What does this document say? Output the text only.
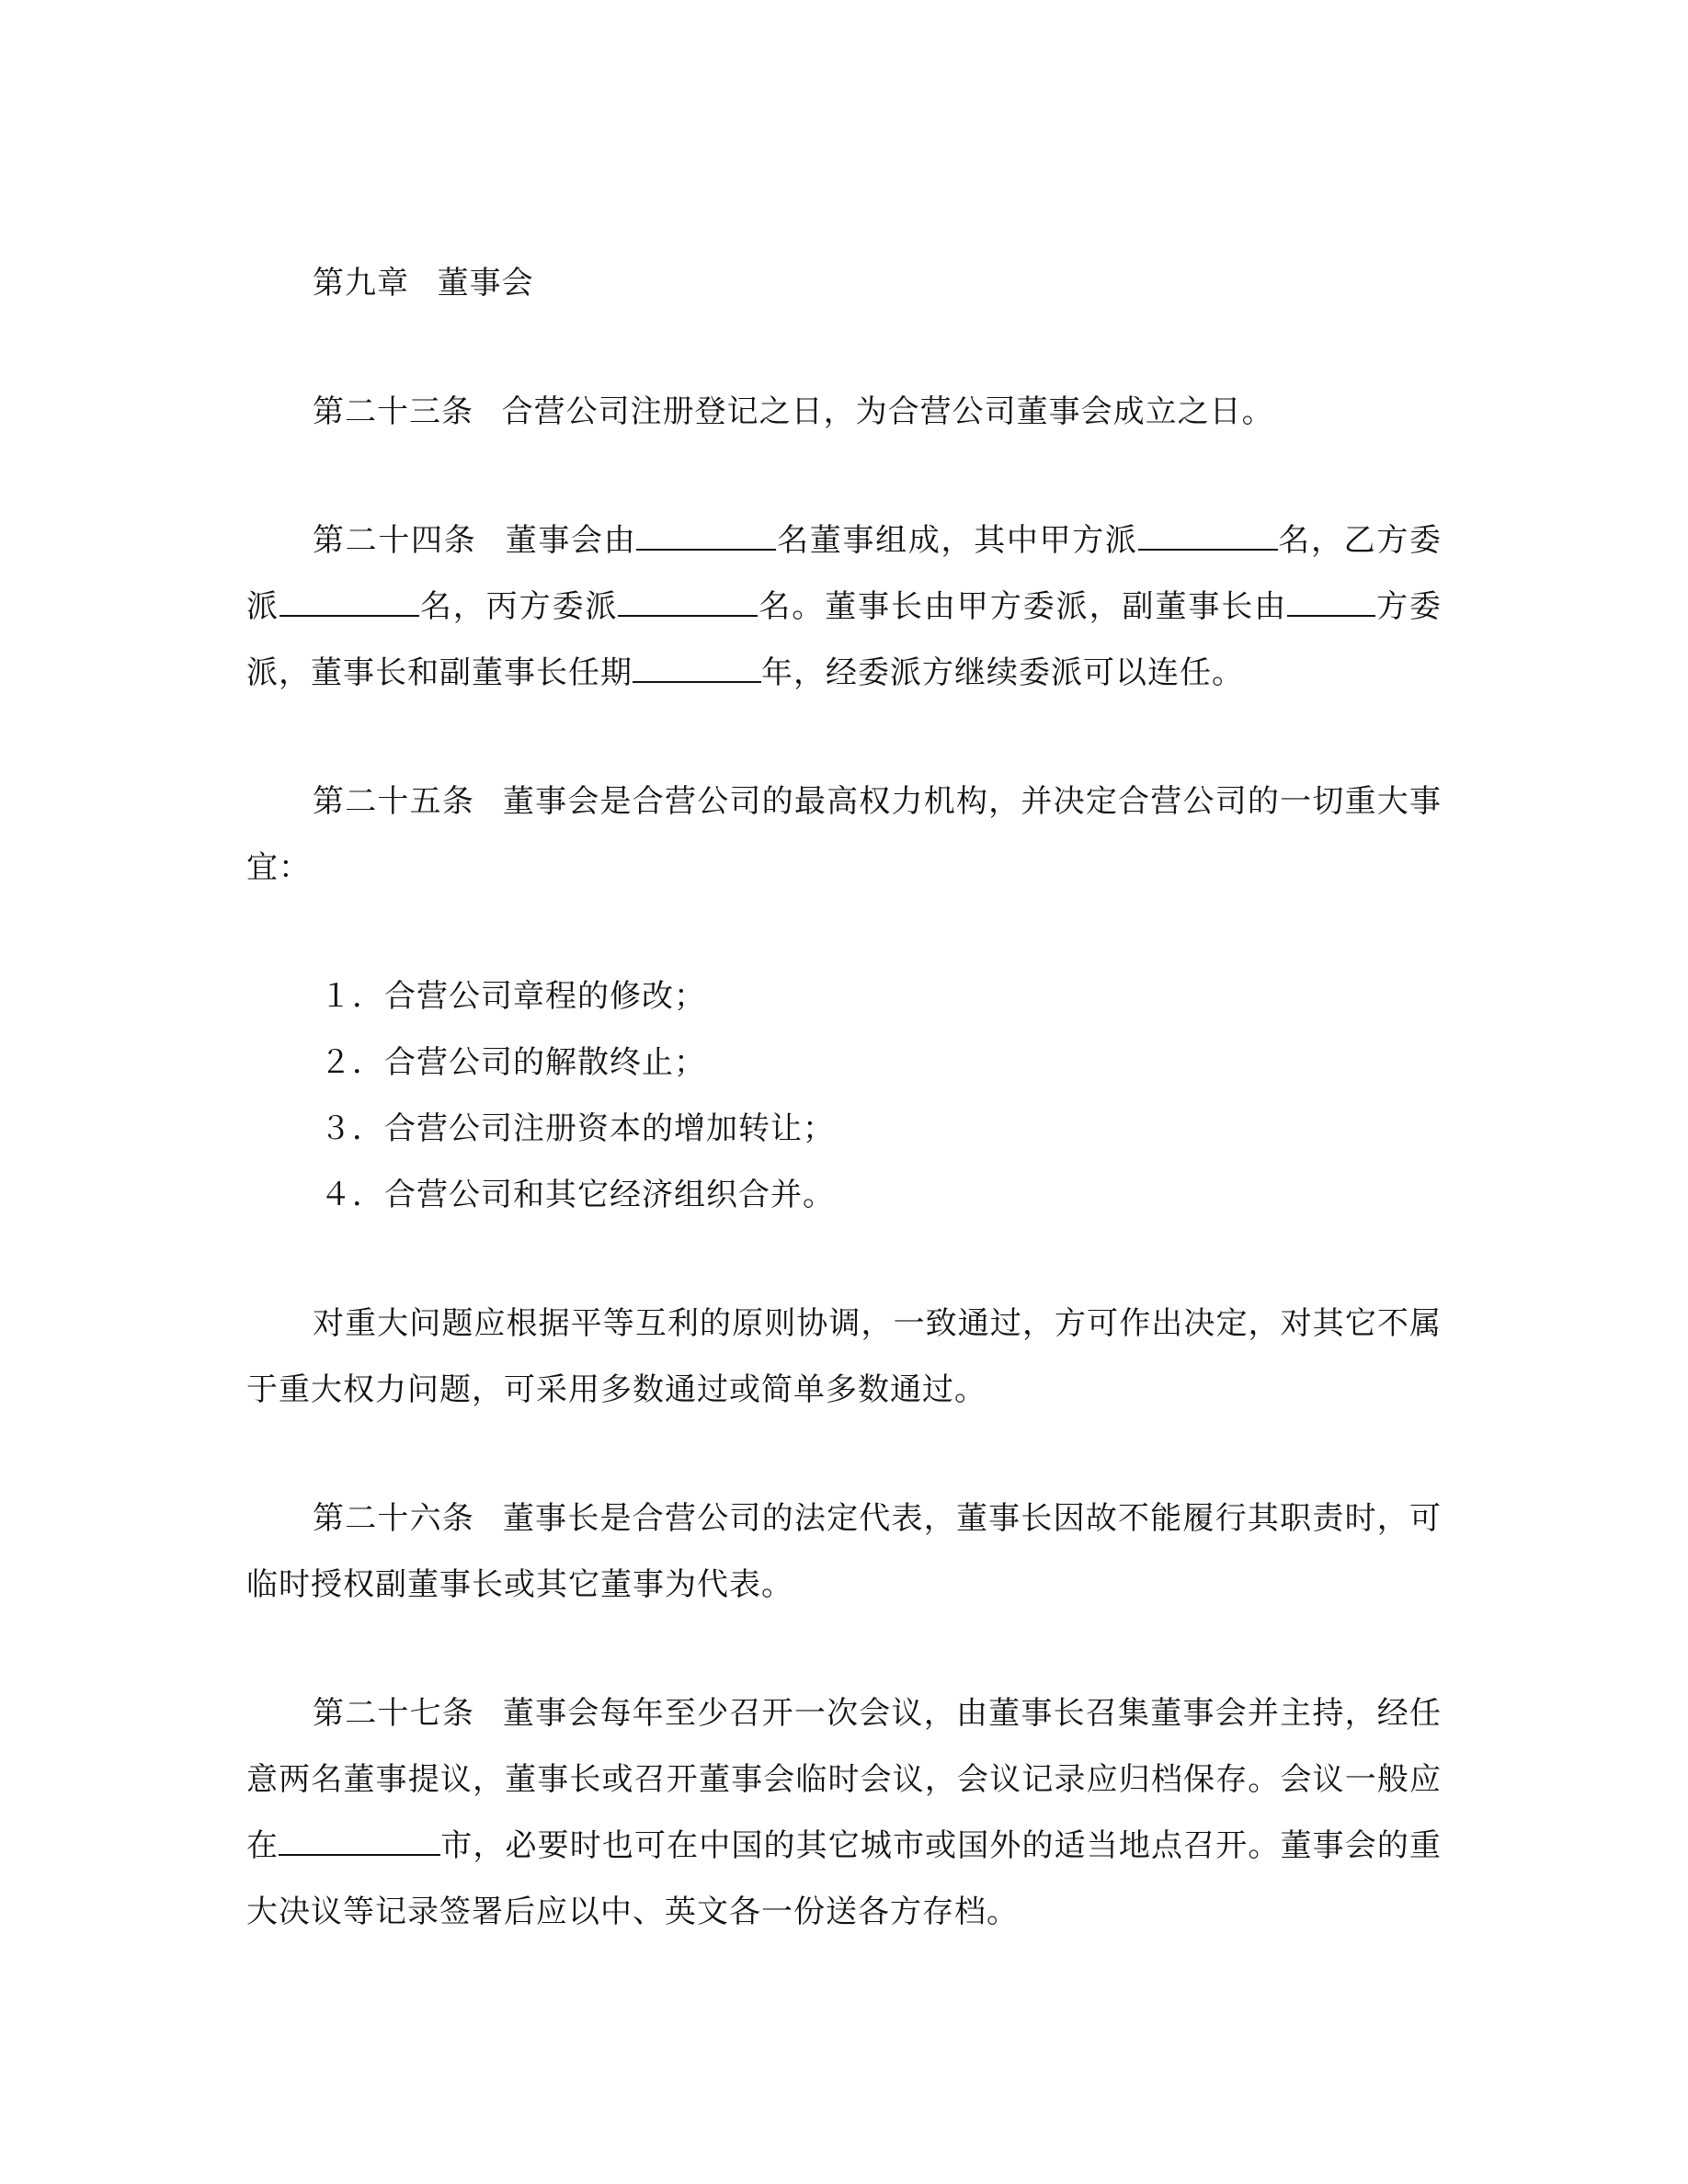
第九章 董事会

第二十三条 合营公司注册登记之日，为合营公司董事会成立之日。

第二十四条 董事会由	名董事组成，其中甲方派	名，乙方委派	名，丙方委派	名。董事长由甲方委派，副董事长由	方委派，董事长和副董事长任期	年，经委派方继续委派可以连任。

第二十五条 董事会是合营公司的最高权力机构，并决定合营公司的一切重大事宜：

１．合营公司章程的修改；
２．合营公司的解散终止；
３．合营公司注册资本的增加转让；
４．合营公司和其它经济组织合并。

对重大问题应根据平等互利的原则协调，一致通过，方可作出决定，对其它不属于重大权力问题，可采用多数通过或简单多数通过。

第二十六条 董事长是合营公司的法定代表，董事长因故不能履行其职责时，可临时授权副董事长或其它董事为代表。

第二十七条 董事会每年至少召开一次会议，由董事长召集董事会并主持，经任意两名董事提议，董事长或召开董事会临时会议，会议记录应归档保存。会议一般应在	市，必要时也可在中国的其它城市或国外的适当地点召开。董事会的重大决议等记录签署后应以中、英文各一份送各方存档。
